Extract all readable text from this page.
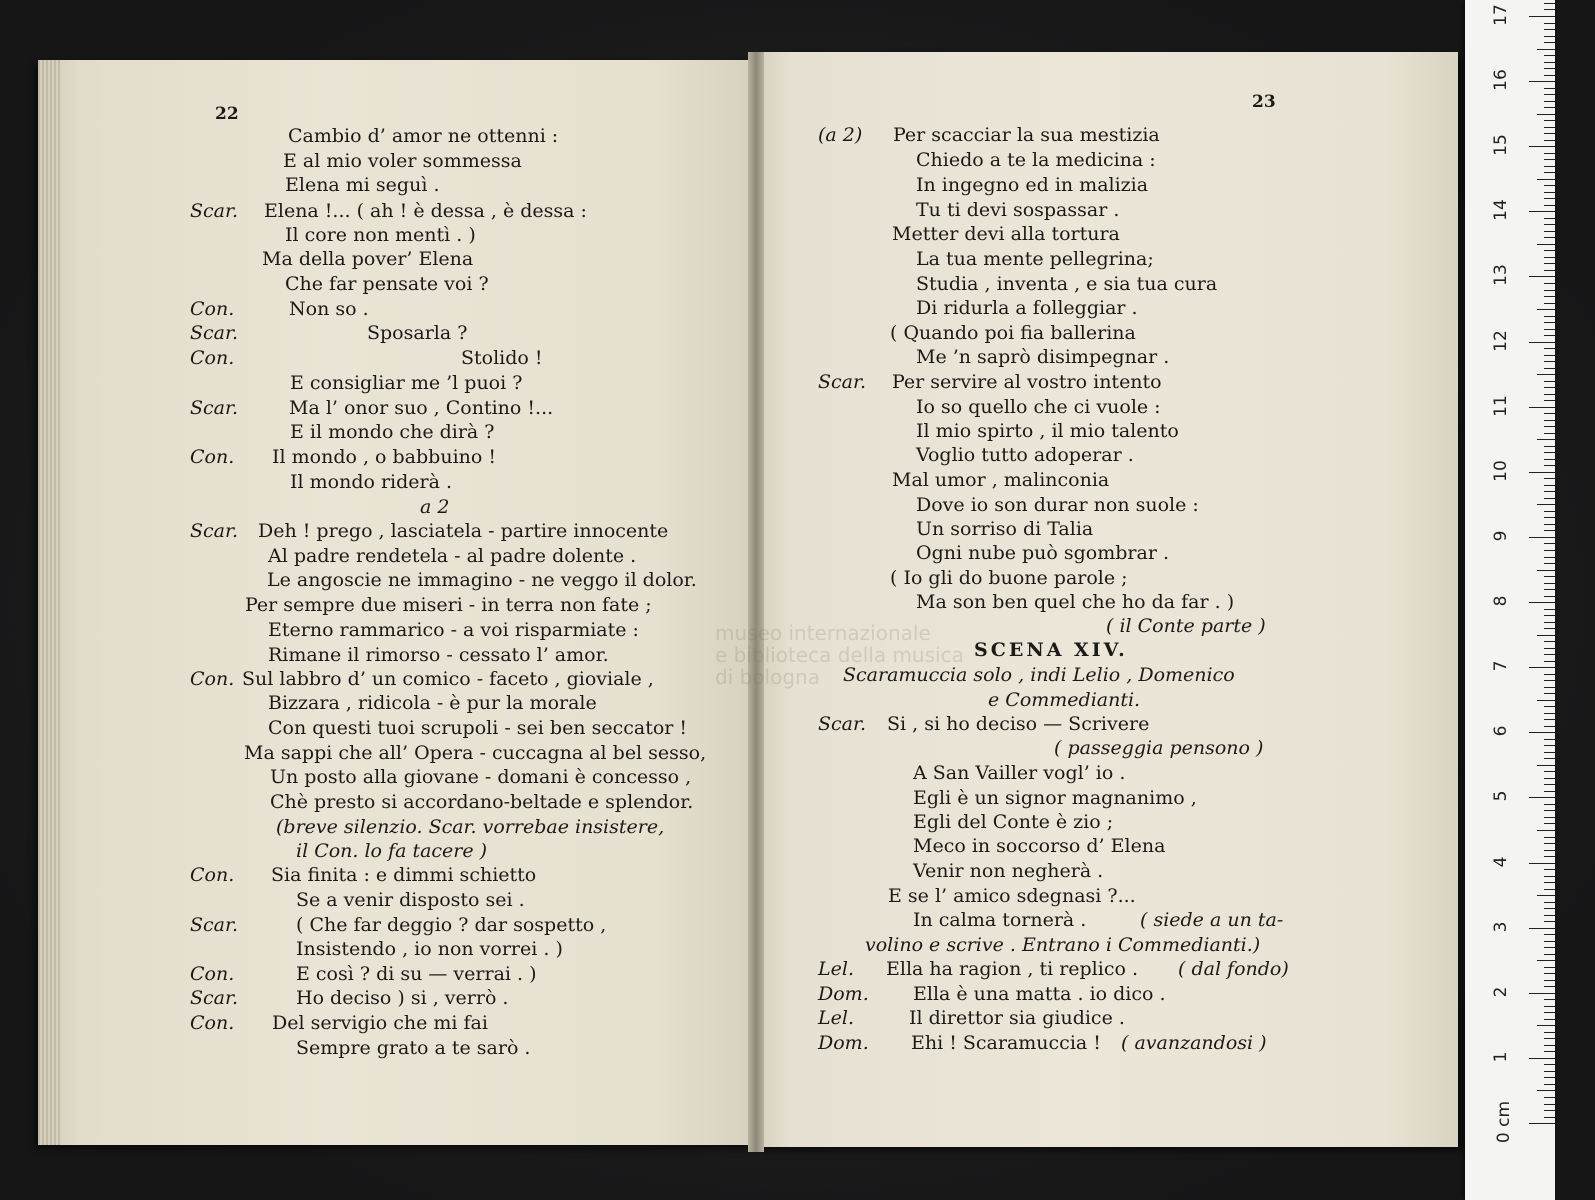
22
23
Cambio d’ amor ne ottenni :
E al mio voler sommessa
Elena mi seguì .
Scar. Elena !... ( ah ! è dessa , è dessa :
Il core non mentì . )
Ma della pover’ Elena
Che far pensate voi ?
Con.	Non so .
Scar.	Sposarla ?
Con.	Stolido !
E consigliar me ’l puoi ?
Scar.	Ma l’ onor suo , Contino !...
E il mondo che dirà ?
Con. Il mondo , o babbuino !
Il mondo riderà .
a 2
Scar. Deh ! prego , lasciatela - partire innocente
Al padre rendetela - al padre dolente .
Le angoscie ne immagino - ne veggo il dolor.
Per sempre due miseri - in terra non fate ;
Eterno rammarico - a voi risparmiate :
Rimane il rimorso - cessato l’ amor.
Con. Sul labbro d’ un comico - faceto , gioviale ,
Bizzara , ridicola - è pur la morale
Con questi tuoi scrupoli - sei ben seccator !
Ma sappi che all’ Opera - cuccagna al bel sesso,
Un posto alla giovane - domani è concesso ,
Chè presto si accordano-beltade e splendor.
(breve silenzio. Scar. vorrebae insistere,
il Con. lo fa tacere )
Con. Sia finita : e dimmi schietto
Se a venir disposto sei .
Scar.	( Che far deggio ? dar sospetto ,
Insistendo , io non vorrei . )
Con.	E così ? di su — verrai . )
Scar.	Ho deciso ) si , verrò .
Con. Del servigio che mi fai
Sempre grato a te sarò .
(a 2) Per scacciar la sua mestizia
Chiedo a te la medicina :
In ingegno ed in malizia
Tu ti devi sospassar .
Metter devi alla tortura
La tua mente pellegrina;
Studia , inventa , e sia tua cura
Di ridurla a folleggiar .
( Quando poi fia ballerina
Me ’n saprò disimpegnar .
Scar. Per servire al vostro intento
Io so quello che ci vuole :
Il mio spirto , il mio talento
Voglio tutto adoperar .
Mal umor , malinconia
Dove io son durar non suole :
Un sorriso di Talia
Ogni nube può sgombrar .
( Io gli do buone parole ;
Ma son ben quel che ho da far . )
( il Conte parte )
SCENA XIV.
Scaramuccia solo , indi Lelio , Domenico
e Commedianti.
Scar. Si , si ho deciso — Scrivere
( passeggia pensono )
A San Vailler vogl’ io .
Egli è un signor magnanimo ,
Egli del Conte è zio ;
Meco in soccorso d’ Elena
Venir non negherà .
E se l’ amico sdegnasi ?...
In calma tornerà .	( siede a un ta-
volino e scrive . Entrano i Commedianti.)
Lel. Ella ha ragion , ti replico . ( dal fondo)
Dom. Ella è una matta . io dico .
Lel.	Il direttor sia giudice .
Dom. Ehi ! Scaramuccia ! ( avanzandosi )
museo internazionale
e biblioteca della musica
di bologna
0 cm
1
2
3
4
5
6
7
8
9
10
11
12
13
14
15
16
17
